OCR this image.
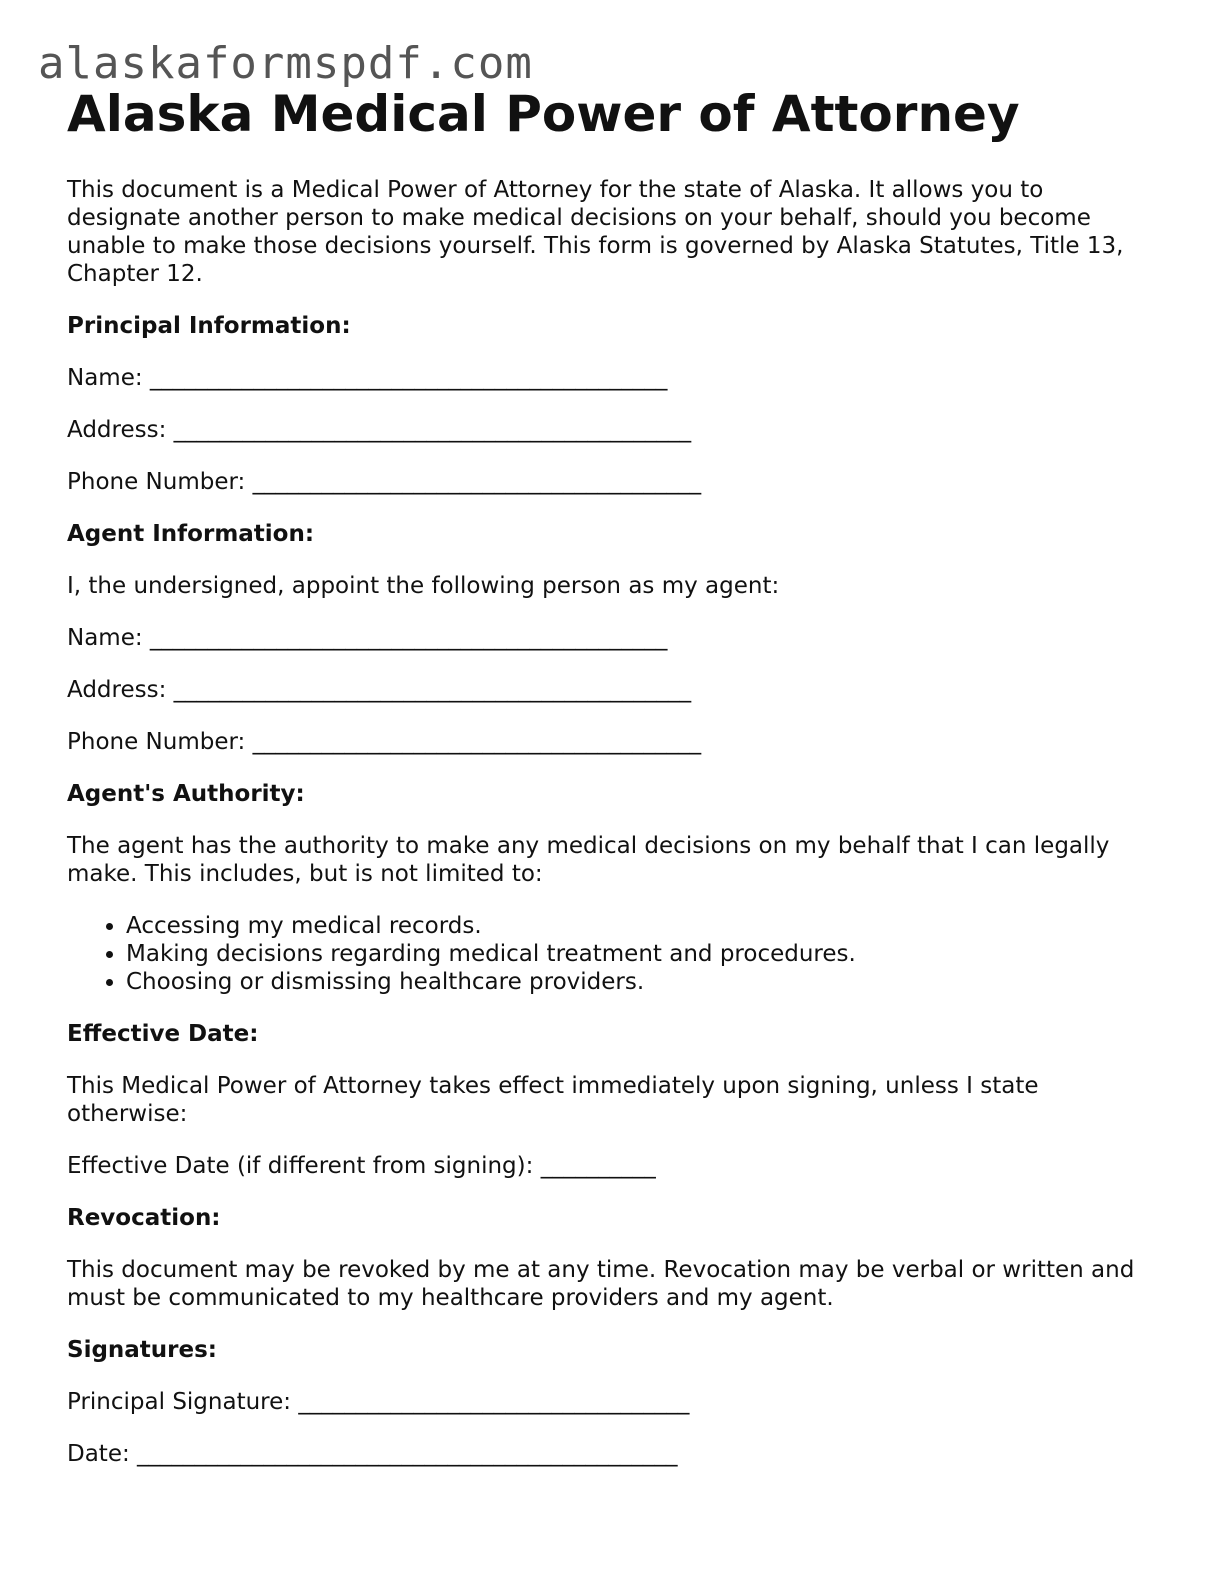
alaskaformspdf.com
Alaska Medical Power of Attorney

This document is a Medical Power of Attorney for the state of Alaska. It allows you to designate another person to make medical decisions on your behalf, should you become unable to make those decisions yourself. This form is governed by Alaska Statutes, Title 13, Chapter 12.

Principal Information:

Name: _____________________________________________

Address: _____________________________________________

Phone Number: _______________________________________

Agent Information:

I, the undersigned, appoint the following person as my agent:

Name: _____________________________________________

Address: _____________________________________________

Phone Number: _______________________________________

Agent's Authority:

The agent has the authority to make any medical decisions on my behalf that I can legally make. This includes, but is not limited to:

• Accessing my medical records.
• Making decisions regarding medical treatment and procedures.
• Choosing or dismissing healthcare providers.

Effective Date:

This Medical Power of Attorney takes effect immediately upon signing, unless I state otherwise:

Effective Date (if different from signing): __________

Revocation:

This document may be revoked by me at any time. Revocation may be verbal or written and must be communicated to my healthcare providers and my agent.

Signatures:

Principal Signature: __________________________________

Date: _______________________________________________
